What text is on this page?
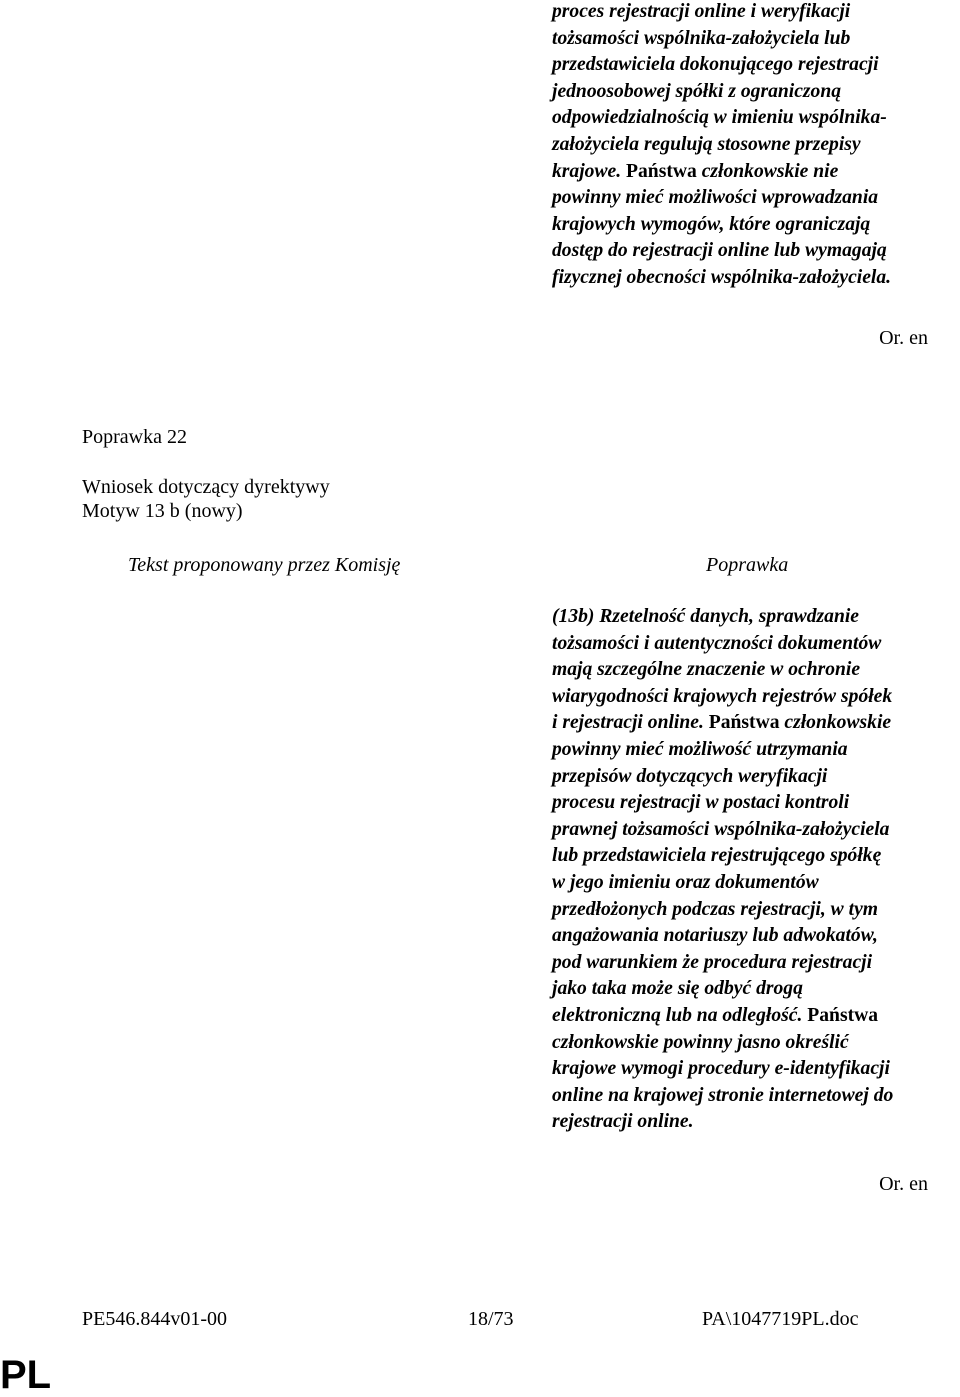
proces rejestracji online i weryfikacji
tożsamości wspólnika-założyciela lub
przedstawiciela dokonującego rejestracji
jednoosobowej spółki z ograniczoną
odpowiedzialnością w imieniu wspólnika-
założyciela regulują stosowne przepisy
krajowe. Państwa członkowskie nie
powinny mieć możliwości wprowadzania
krajowych wymogów, które ograniczają
dostęp do rejestracji online lub wymagają
fizycznej obecności wspólnika-założyciela.

Or. en

Poprawka 22

Wniosek dotyczący dyrektywy
Motyw 13 b (nowy)

Tekst proponowany przez Komisję	Poprawka

(13b) Rzetelność danych, sprawdzanie
tożsamości i autentyczności dokumentów
mają szczególne znaczenie w ochronie
wiarygodności krajowych rejestrów spółek
i rejestracji online. Państwa członkowskie
powinny mieć możliwość utrzymania
przepisów dotyczących weryfikacji
procesu rejestracji w postaci kontroli
prawnej tożsamości wspólnika-założyciela
lub przedstawiciela rejestrującego spółkę
w jego imieniu oraz dokumentów
przedłożonych podczas rejestracji, w tym
angażowania notariuszy lub adwokatów,
pod warunkiem że procedura rejestracji
jako taka może się odbyć drogą
elektroniczną lub na odległość. Państwa
członkowskie powinny jasno określić
krajowe wymogi procedury e-identyfikacji
online na krajowej stronie internetowej do
rejestracji online.

Or. en

PE546.844v01-00	18/73	PA\1047719PL.doc

PL
